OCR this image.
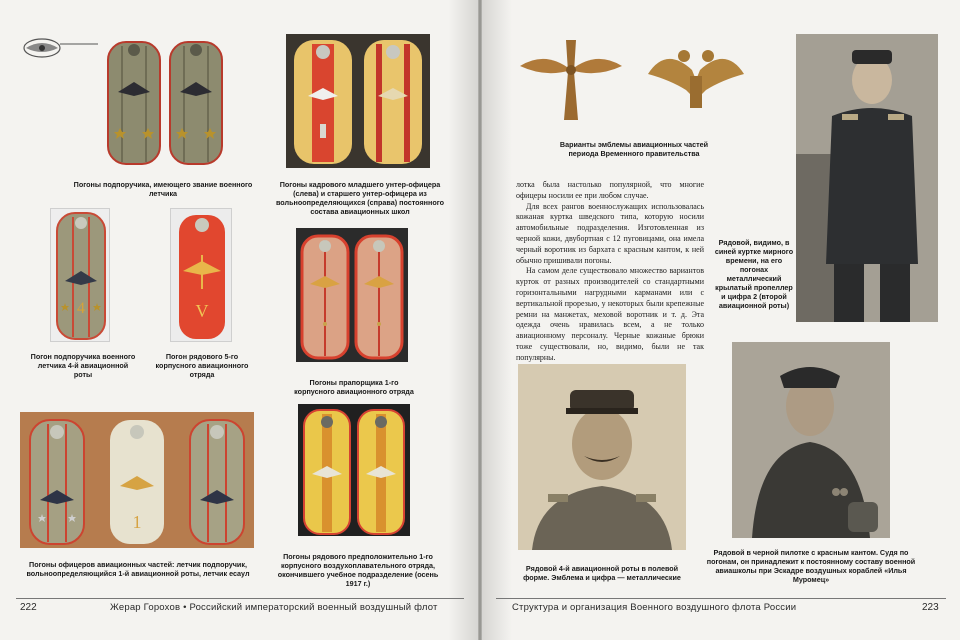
Погоны подпоручика, имеющего звание военного летчика
Погоны кадрового младшего унтер-офицера (слева) и старшего унтер-офицера из вольноопределяющихся (справа) постоянного состава авиационных школ
4
Погон подпоручика военного летчика 4-й авиационной роты
V
Погон рядового 5-го корпусного авиационного отряда
Погоны прапорщика 1-го корпусного авиационного отряда
1
Погоны офицеров авиационных частей: летчик подпоручик, вольноопределяющийся 1-й авиационной роты, летчик есаул
Погоны рядового предположительно 1-го корпусного воздухоплавательного отряда, окончившего учебное подразделение (осень 1917 г.)
222	Жерар Горохов • Российский императорский военный воздушный флот
Варианты эмблемы авиационных частей периода Временного правительства

лотка была настолько популярной, что многие офицеры носили ее при любом случае.

Для всех рангов военнослужащих использовалась кожаная куртка шведского типа, которую носили автомобильные подразделения. Изготовленная из черной кожи, двубортная с 12 пуговицами, она имела черный воротник из бархата с красным кантом, к ней обычно пришивали погоны.

На самом деле существовало множество вариантов курток от разных производителей со стандартными горизонтальными нагрудными карманами или с вертикальной прорезью, у некоторых были крепежные ремни на манжетах, меховой воротник и т. д. Эта одежда очень нравилась всем, а не только авиационному персоналу. Черные кожаные брюки тоже существовали, но, видимо, были не так популярны.

Рядовой, видимо, в синей куртке мирного времени, на его погонах металлический крылатый пропеллер и цифра 2 (второй авиационной роты)
Рядовой 4-й авиационной роты в полевой форме. Эмблема и цифра — металлические
Рядовой в черной пилотке с красным кантом. Судя по погонам, он принадлежит к постоянному составу военной авиашколы при Эскадре воздушных кораблей «Илья Муромец»
Структура и организация Военного воздушного флота России	223
